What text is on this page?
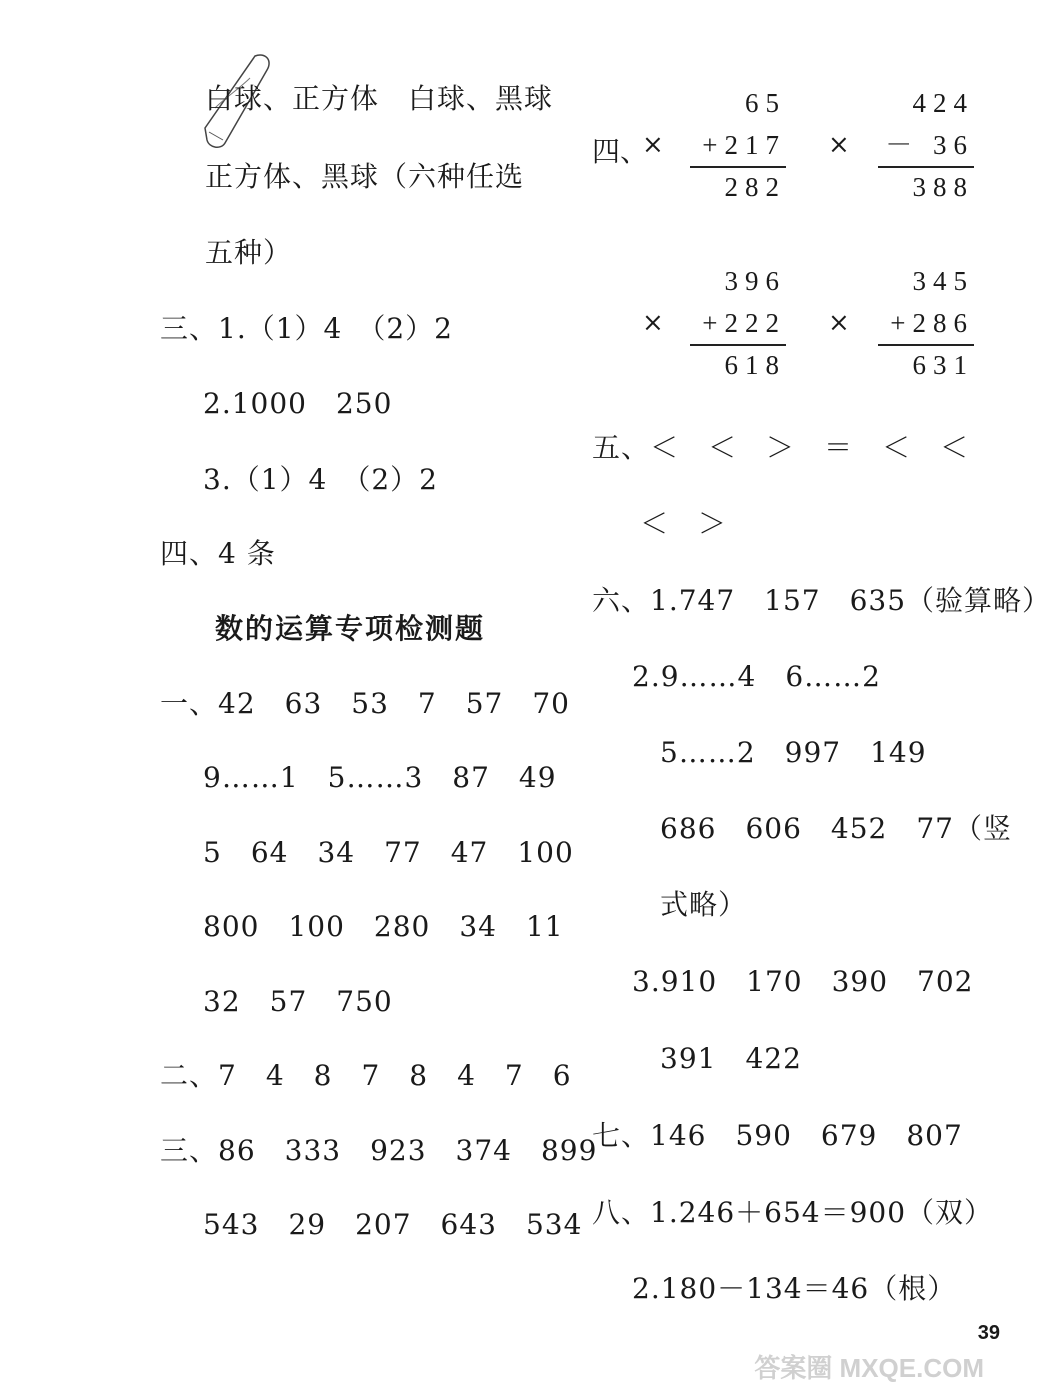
白球、正方体　白球、黑球
正方体、黑球（六种任选
五种）
三、1.（1）4　（2）2
2.1000　250
3.（1）4　（2）2
四、4 条
数的运算专项检测题
一、42　63　53　7　57　70
9……1　5……3　87　49
5　64　34　77　47　100
800　100　280　34　11
32　57　750
二、7　4　8　7　8　4　7　6
三、86　333　923　374　899
543　29　207　643　534
四、
×	×
×	×
65
+217
282
424
－ 36
388
396
+222
618
345
+286
631
五、＜　＜　＞　＝　＜　＜
＜　＞
六、1.747　157　635（验算略）
2.9……4　6……2
5……2　997　149
686　606　452　77（竖
式略）
3.910　170　390　702
391　422
七、146　590　679　807
八、1.246＋654＝900（双）
2.180－134＝46（根）
39
答案圈 MXQE.COM
